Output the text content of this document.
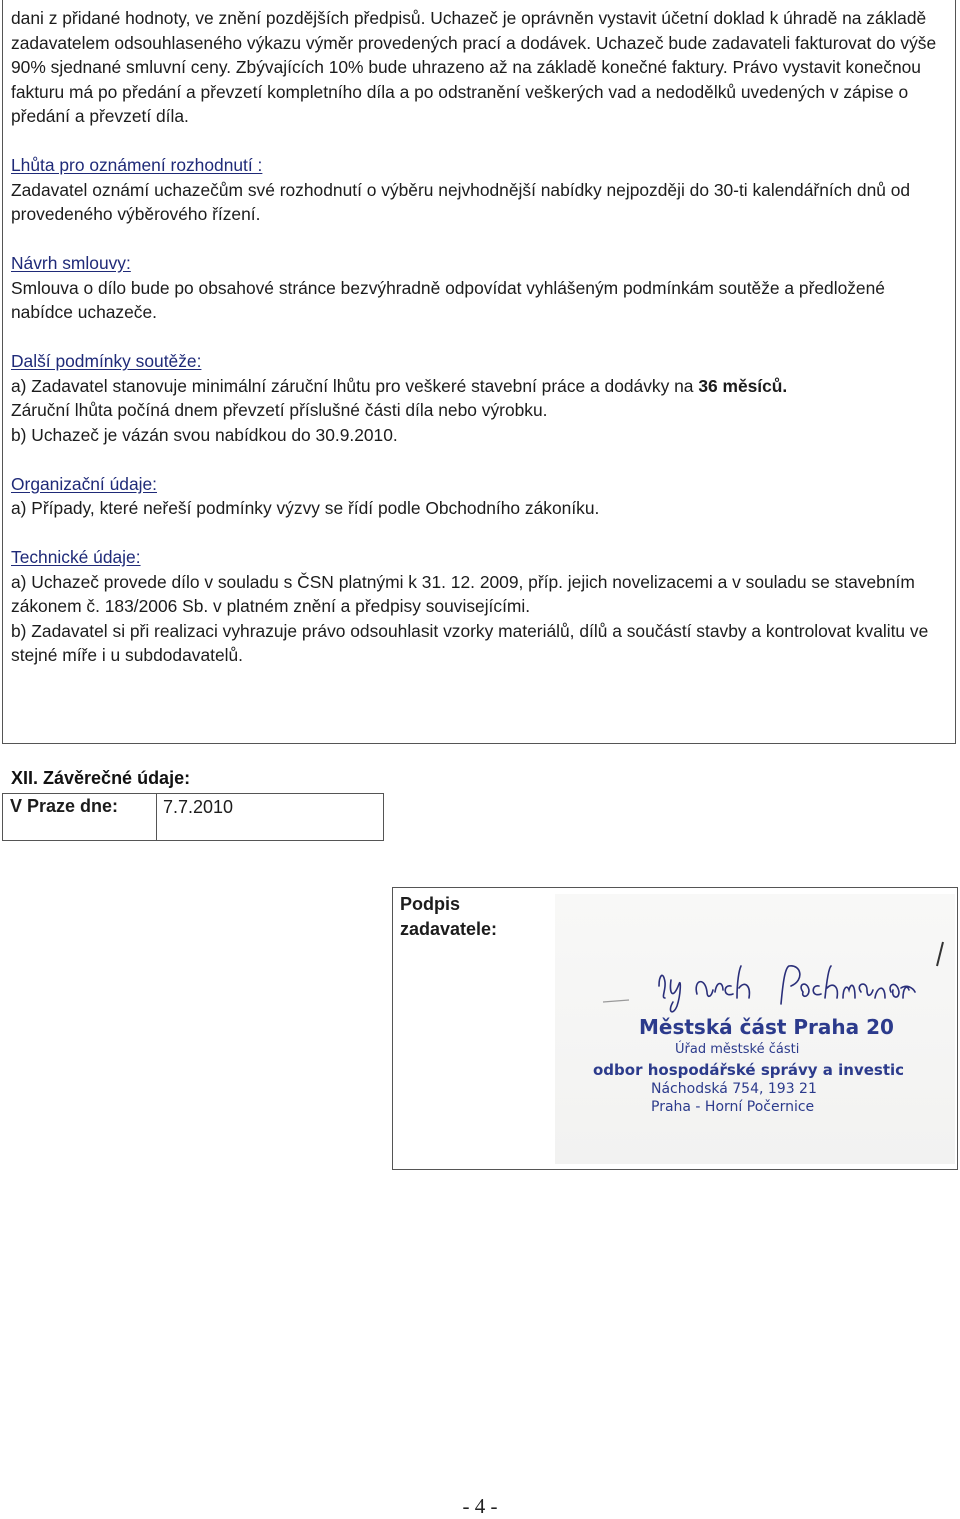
dani z přidané hodnoty, ve znění pozdějších předpisů. Uchazeč je oprávněn vystavit účetní doklad k úhradě na základě zadavatelem odsouhlaseného výkazu výměr provedených prací a dodávek. Uchazeč bude zadavateli fakturovat do výše 90% sjednané smluvní ceny. Zbývajících 10% bude uhrazeno až na základě konečné faktury. Právo vystavit konečnou fakturu má po předání a převzetí kompletního díla a po odstranění veškerých vad a nedodělků uvedených v zápise o předání a převzetí díla.

Lhůta pro oznámení rozhodnutí :
Zadavatel oznámí uchazečům své rozhodnutí o výběru nejvhodnější nabídky nejpozději do 30-ti kalendářních dnů od provedeného výběrového řízení.

Návrh smlouvy:
Smlouva o dílo bude po obsahové stránce bezvýhradně odpovídat vyhlášeným podmínkám soutěže a předložené nabídce uchazeče.

Další podmínky soutěže:
a) Zadavatel stanovuje minimální záruční lhůtu pro veškeré stavební práce a dodávky na 36 měsíců.
Záruční lhůta počíná dnem převzetí příslušné části díla nebo výrobku.
b) Uchazeč je vázán svou nabídkou do 30.9.2010.

Organizační údaje:
a) Případy, které neřeší podmínky výzvy se řídí podle Obchodního zákoníku.

Technické údaje:
a) Uchazeč provede dílo v souladu s ČSN platnými k 31. 12. 2009, příp. jejich novelizacemi a v souladu se stavebním zákonem č. 183/2006 Sb. v platném znění a předpisy souvisejícími.
b) Zadavatel si při realizaci vyhrazuje právo odsouhlasit vzorky materiálů, dílů a součástí stavby a kontrolovat kvalitu ve stejné míře i u subdodavatelů.

XII. Závěrečné údaje:
V Praze dne: 7.7.2010
Podpis zadavatele:
Městská část Praha 20
Úřad městské části
odbor hospodářské správy a investic
Náchodská 754, 193 21
Praha - Horní Počernice
- 4 -
